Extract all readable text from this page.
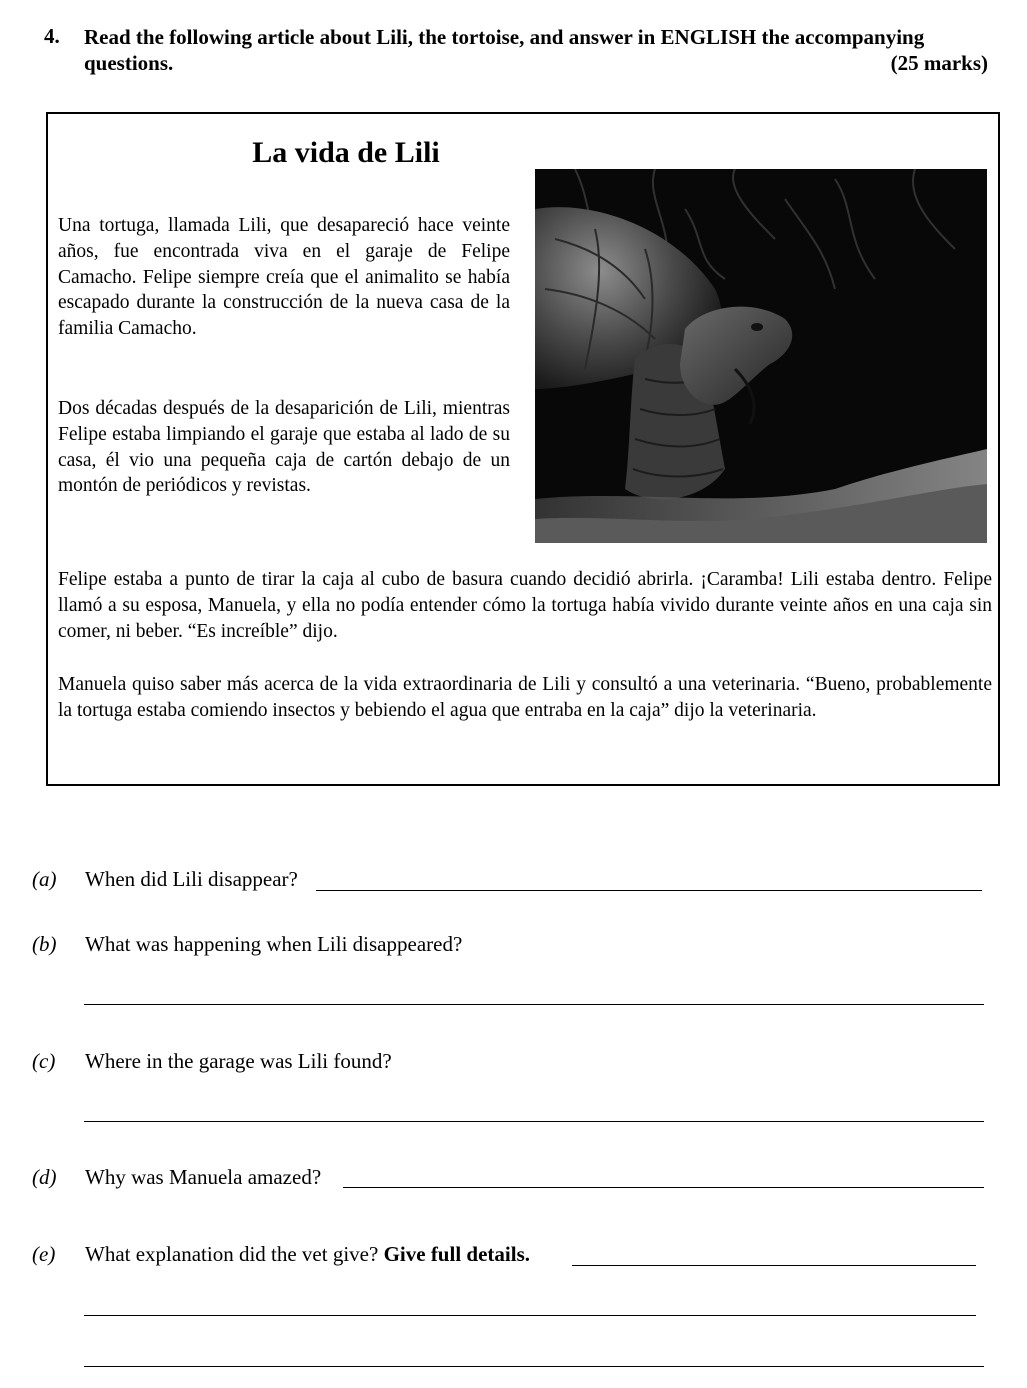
4. Read the following article about Lili, the tortoise, and answer in ENGLISH the accompanying
questions.	(25 marks)
La vida de Lili
Una tortuga, llamada Lili, que desapareció hace veinte años, fue encontrada viva en el garaje de Felipe Camacho. Felipe siempre creía que el animalito se había escapado durante la construcción de la nueva casa de la familia Camacho.
Dos décadas después de la desaparición de Lili, mientras Felipe estaba limpiando el garaje que estaba al lado de su casa, él vio una pequeña caja de cartón debajo de un montón de periódicos y revistas.
Felipe estaba a punto de tirar la caja al cubo de basura cuando decidió abrirla. ¡Caramba! Lili estaba dentro. Felipe llamó a su esposa, Manuela, y ella no podía entender cómo la tortuga había vivido durante veinte años en una caja sin comer, ni beber. “Es increíble” dijo.
Manuela quiso saber más acerca de la vida extraordinaria de Lili y consultó a una veterinaria. “Bueno, probablemente la tortuga estaba comiendo insectos y bebiendo el agua que entraba en la caja” dijo la veterinaria.
(a) When did Lili disappear?
(b) What was happening when Lili disappeared?
(c) Where in the garage was Lili found?
(d) Why was Manuela amazed?
(e) What explanation did the vet give? Give full details.
